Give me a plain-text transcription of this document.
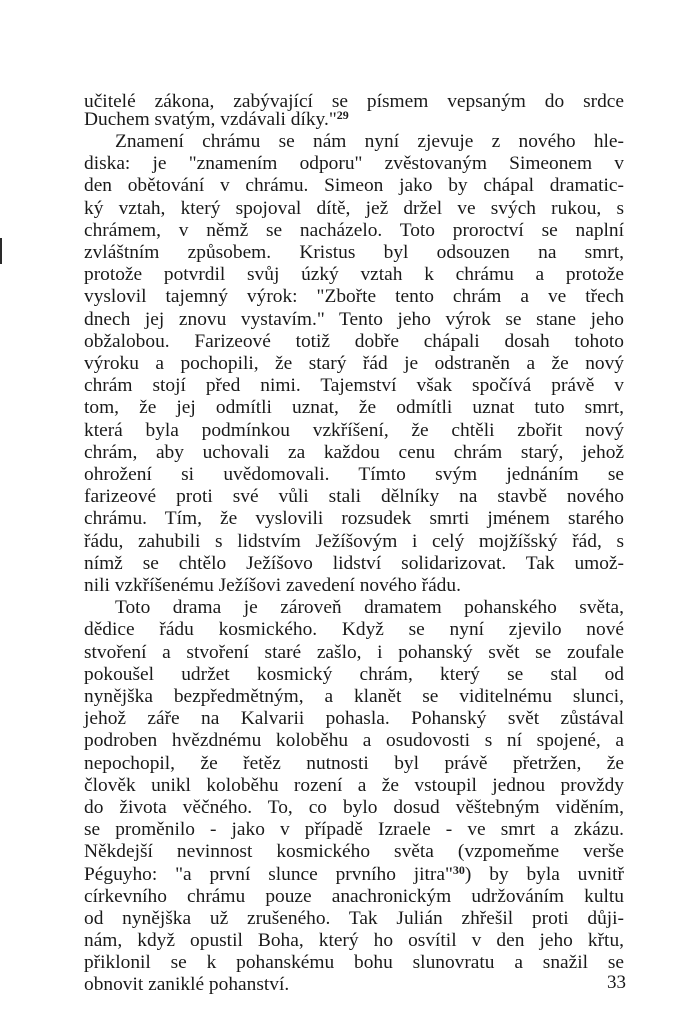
učitelé zákona, zabývající se písmem vepsaným do srdce
Duchem svatým, vzdávali díky."$^{29}$
Znamení chrámu se nám nyní zjevuje z nového hle-
diska: je "znamením odporu" zvěstovaným Simeonem v
den obětování v chrámu. Simeon jako by chápal dramatic-
ký vztah, který spojoval dítě, jež držel ve svých rukou, s
chrámem, v němž se nacházelo. Toto proroctví se naplní
zvláštním způsobem. Kristus byl odsouzen na smrt,
protože potvrdil svůj úzký vztah k chrámu a protože
vyslovil tajemný výrok: "Zbořte tento chrám a ve třech
dnech jej znovu vystavím." Tento jeho výrok se stane jeho
obžalobou. Farizeové totiž dobře chápali dosah tohoto
výroku a pochopili, že starý řád je odstraněn a že nový
chrám stojí před nimi. Tajemství však spočívá právě v
tom, že jej odmítli uznat, že odmítli uznat tuto smrt,
která byla podmínkou vzkříšení, že chtěli zbořit nový
chrám, aby uchovali za každou cenu chrám starý, jehož
ohrožení si uvědomovali. Tímto svým jednáním se
farizeové proti své vůli stali dělníky na stavbě nového
chrámu. Tím, že vyslovili rozsudek smrti jménem starého
řádu, zahubili s lidstvím Ježíšovým i celý mojžíšský řád, s
nímž se chtělo Ježíšovo lidství solidarizovat. Tak umož-
nili vzkříšenému Ježíšovi zavedení nového řádu.
Toto drama je zároveň dramatem pohanského světa,
dědice řádu kosmického. Když se nyní zjevilo nové
stvoření a stvoření staré zašlo, i pohanský svět se zoufale
pokoušel udržet kosmický chrám, který se stal od
nynějška bezpředmětným, a klanět se viditelnému slunci,
jehož záře na Kalvarii pohasla. Pohanský svět zůstával
podroben hvězdnému koloběhu a osudovosti s ní spojené, a
nepochopil, že řetěz nutnosti byl právě přetržen, že
člověk unikl koloběhu rození a že vstoupil jednou provždy
do života věčného. To, co bylo dosud věštebným viděním,
se proměnilo - jako v případě Izraele - ve smrt a zkázu.
Někdejší nevinnost kosmického světa (vzpomeňme verše
Péguyho: "a první slunce prvního jitra"$^{30}$) by byla uvnitř
církevního chrámu pouze anachronickým udržováním kultu
od nynějška už zrušeného. Tak Julián zhřešil proti důji-
nám, když opustil Boha, který ho osvítil v den jeho křtu,
přiklonil se k pohanskému bohu slunovratu a snažil se
obnovit zaniklé pohanství.	33
